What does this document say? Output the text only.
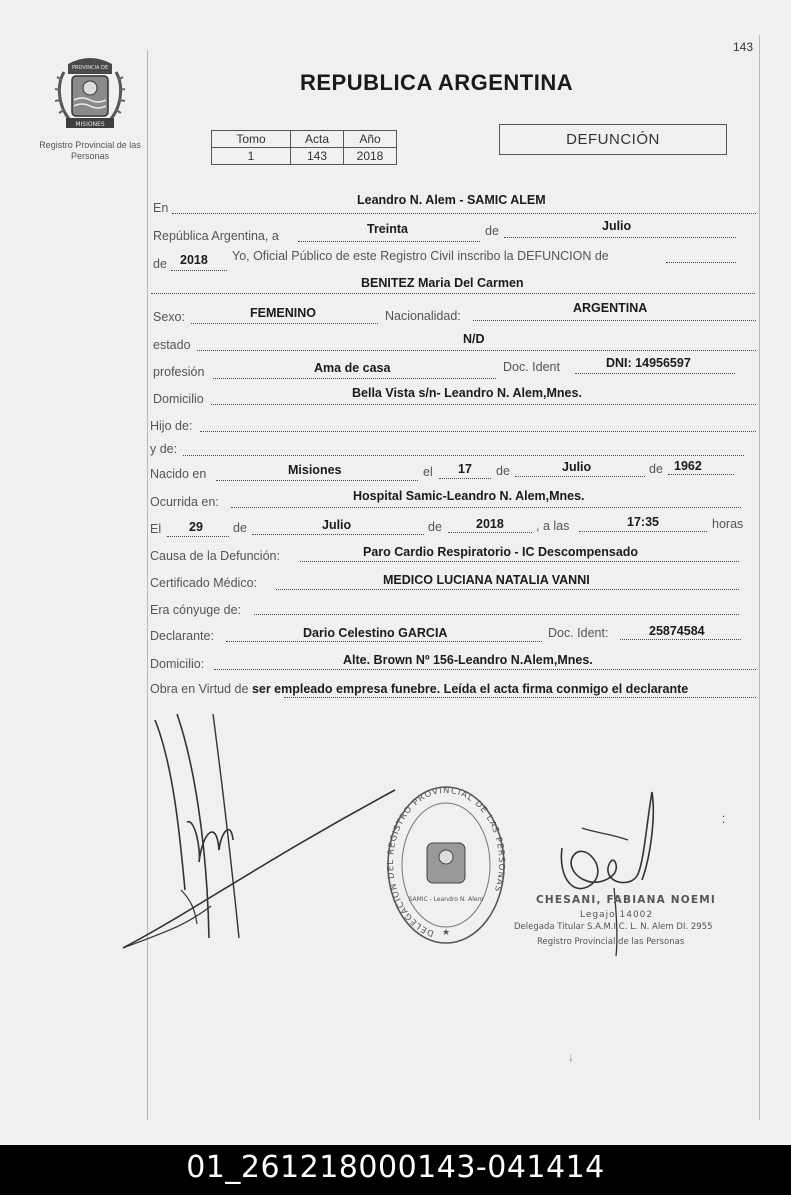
143
PROVINCIA DE
MISIONES
Registro Provincial de las Personas
REPUBLICA ARGENTINA
Tomo	Acta	Año
1	143	2018
DEFUNCIÓN
En
Leandro N. Alem - SAMIC ALEM
República Argentina, a	Treinta	de	Julio
de 2018 Yo, Oficial Público de este Registro Civil inscribo la DEFUNCION de
BENITEZ Maria Del Carmen
Sexo:	FEMENINO	Nacionalidad:
ARGENTINA
estado	N/D
profesión	Ama de casa	Doc. Ident	DNI: 14956597
Domicilio	Bella Vista s/n- Leandro N. Alem,Mnes.
Hijo de:
y de:
Nacido en	Misiones	el 17 de	Julio	de 1962
Ocurrida en:	Hospital Samic-Leandro N. Alem,Mnes.
El 29 de	Julio	de	2018	, a las	17:35	horas
Causa de la Defunción:	Paro Cardio Respiratorio - IC Descompensado
Certificado Médico:	MEDICO LUCIANA NATALIA VANNI
Era cónyuge de:
Declarante:	Dario Celestino GARCIA	Doc. Ident:	25874584
Domicilio:	Alte. Brown Nº 156-Leandro N.Alem,Mnes.
Obra en Virtud de ser empleado empresa funebre. Leída el acta firma conmigo el declarante
DELEGACION DEL REGISTRO PROVINCIAL DE LAS PERSONAS
SAMIC - Leandro N. Alem
★
CHESANI, FABIANA NOEMI
Legajo 14002
Delegada Titular S.A.M.I.C. L. N. Alem DI. 2955
Registro Provincial de las Personas
⁚
↓
01_261218000143-041414
